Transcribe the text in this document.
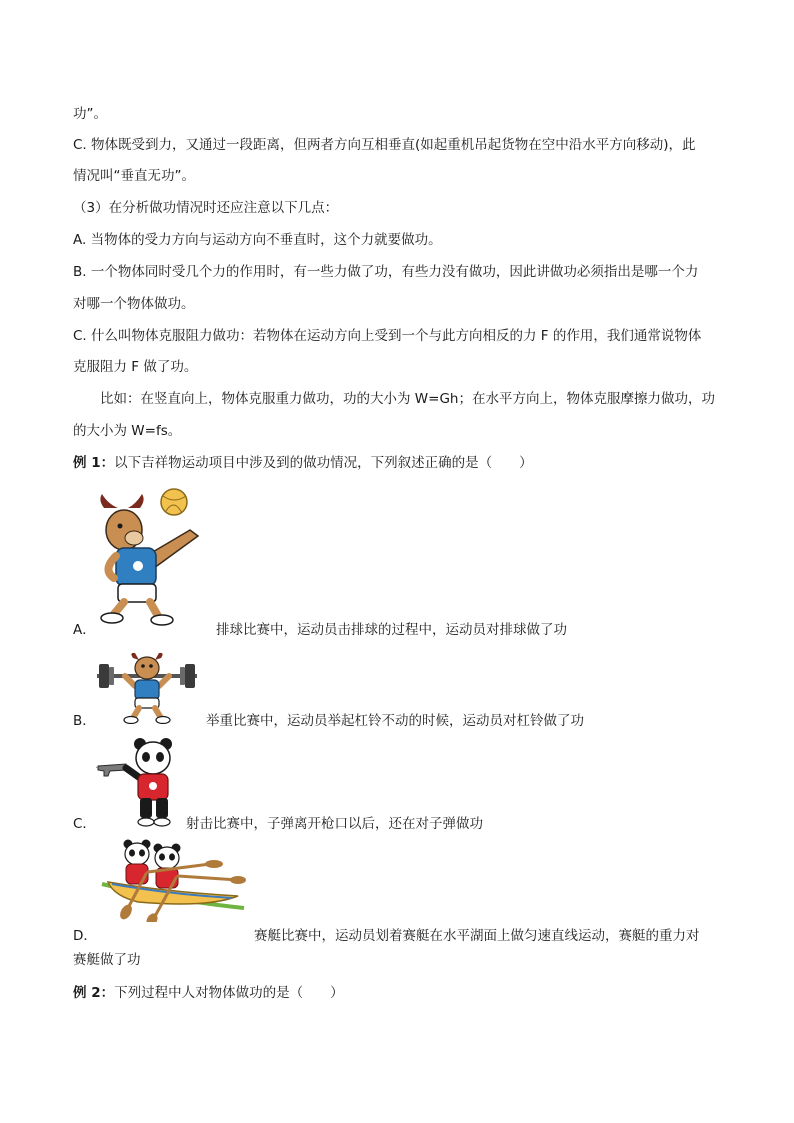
功”。
C. 物体既受到力，又通过一段距离，但两者方向互相垂直(如起重机吊起货物在空中沿水平方向移动)，此
情况叫“垂直无功”。
（3）在分析做功情况时还应注意以下几点：
A. 当物体的受力方向与运动方向不垂直时，这个力就要做功。
B. 一个物体同时受几个力的作用时，有一些力做了功，有些力没有做功，因此讲做功必须指出是哪一个力
对哪一个物体做功。
C. 什么叫物体克服阻力做功：若物体在运动方向上受到一个与此方向相反的力 F 的作用，我们通常说物体
克服阻力 F 做了功。
比如：在竖直向上，物体克服重力做功，功的大小为 W=Gh；在水平方向上，物体克服摩擦力做功，功
的大小为 W=fs。
例 1：以下吉祥物运动项目中涉及到的做功情况，下列叙述正确的是（　　）
A．	排球比赛中，运动员击排球的过程中，运动员对排球做了功
B．	举重比赛中，运动员举起杠铃不动的时候，运动员对杠铃做了功
C．	射击比赛中，子弹离开枪口以后，还在对子弹做功
D．	赛艇比赛中，运动员划着赛艇在水平湖面上做匀速直线运动，赛艇的重力对
赛艇做了功
例 2：下列过程中人对物体做功的是（　　）
